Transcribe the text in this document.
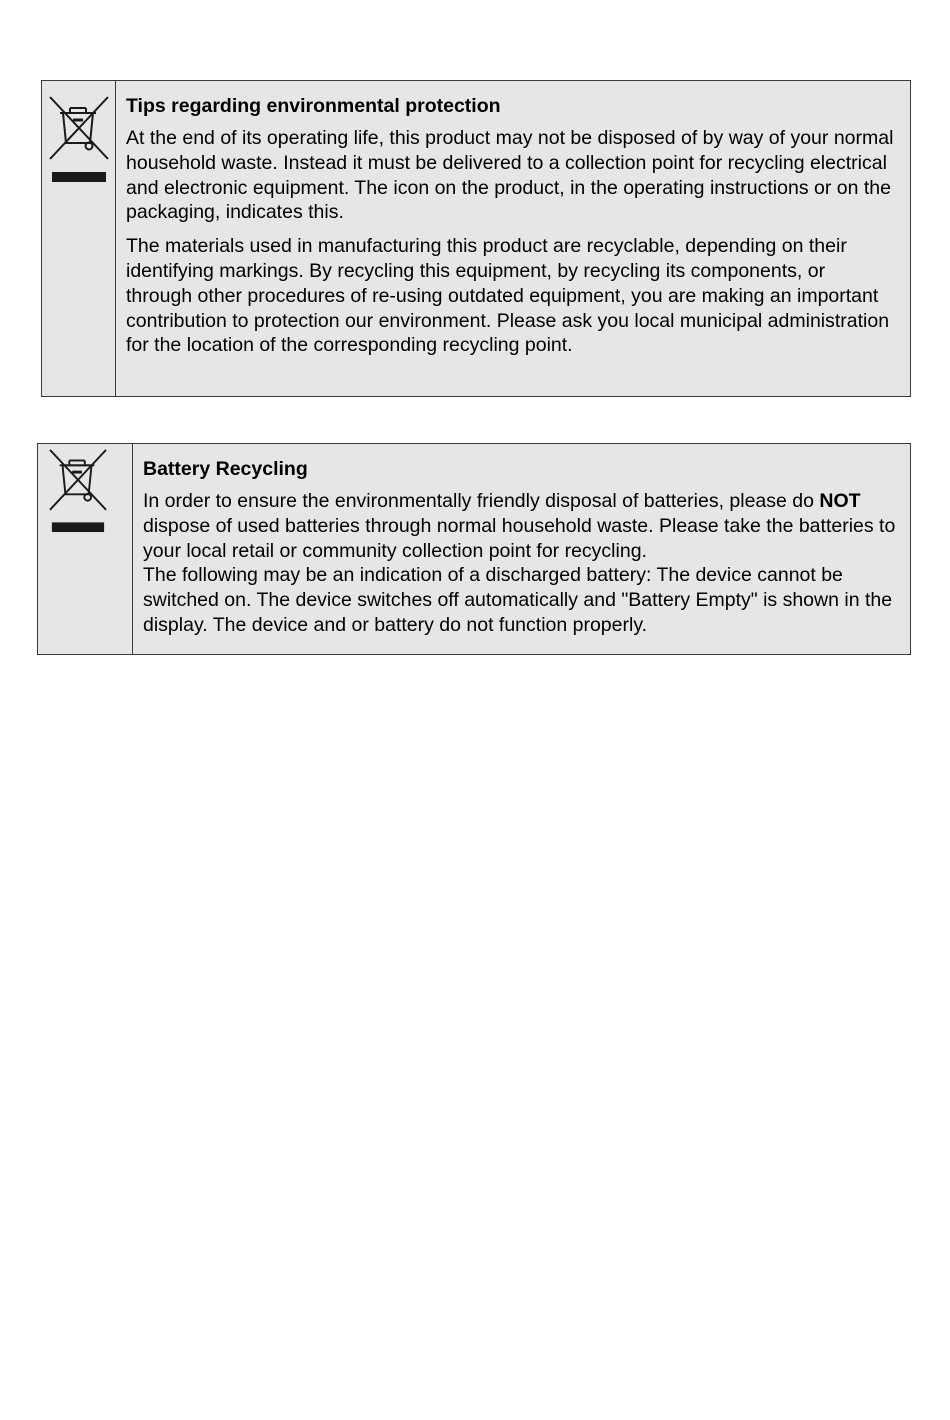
Tips regarding environmental protection

At the end of its operating life, this product may not be disposed of by way of your normal household waste. Instead it must be delivered to a collection point for recycling electrical and electronic equipment. The icon on the product, in the operating instructions or on the packaging, indicates this.

The materials used in manufacturing this product are recyclable, depending on their identifying markings. By recycling this equipment, by recycling its components, or through other procedures of re-using outdated equipment, you are making an important contribution to protection our environment. Please ask you local municipal administration for the location of the corresponding recycling point.

Battery Recycling

In order to ensure the environmentally friendly disposal of batteries, please do NOT dispose of used batteries through normal household waste. Please take the batteries to your local retail or community collection point for recycling.

The following may be an indication of a discharged battery: The device cannot be switched on. The device switches off automatically and "Battery Empty" is shown in the display. The device and or battery do not function properly.
